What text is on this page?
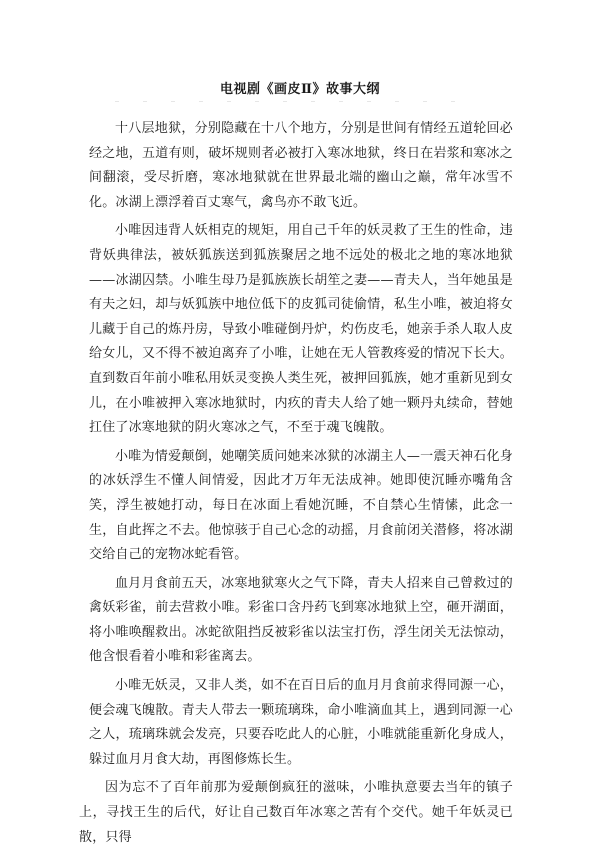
电视剧《画皮Ⅱ》故事大纲

十八层地狱，分别隐藏在十八个地方，分别是世间有情经五道轮回必经之地，五道有则，破坏规则者必被打入寒冰地狱，终日在岩浆和寒冰之间翻滚，受尽折磨，寒冰地狱就在世界最北端的幽山之巅，常年冰雪不化。冰湖上漂浮着百丈寒气，禽鸟亦不敢飞近。

小唯因违背人妖相克的规矩，用自己千年的妖灵救了王生的性命，违背妖典律法，被妖狐族送到狐族聚居之地不远处的极北之地的寒冰地狱——冰湖囚禁。小唯生母乃是狐族族长胡笙之妻——青夫人，当年她虽是有夫之妇，却与妖狐族中地位低下的皮狐司徒偷情，私生小唯，被迫将女儿藏于自己的炼丹房，导致小唯碰倒丹炉，灼伤皮毛，她亲手杀人取人皮给女儿，又不得不被迫离弃了小唯，让她在无人管教疼爱的情况下长大。直到数百年前小唯私用妖灵变换人类生死，被押回狐族，她才重新见到女儿，在小唯被押入寒冰地狱时，内疚的青夫人给了她一颗丹丸续命，替她扛住了冰寒地狱的阴火寒冰之气，不至于魂飞魄散。

小唯为情爱颠倒，她嘲笑质问她来冰狱的冰湖主人—一震天神石化身的冰妖浮生不懂人间情爱，因此才万年无法成神。她即使沉睡亦嘴角含笑，浮生被她打动，每日在冰面上看她沉睡，不自禁心生情愫，此念一生，自此挥之不去。他惊骇于自己心念的动摇，月食前闭关潜修，将冰湖交给自己的宠物冰蛇看管。

血月月食前五天，冰寒地狱寒火之气下降，青夫人招来自己曾救过的禽妖彩雀，前去营救小唯。彩雀口含丹药飞到寒冰地狱上空，砸开湖面，将小唯唤醒救出。冰蛇欲阻挡反被彩雀以法宝打伤，浮生闭关无法惊动，他含恨看着小唯和彩雀离去。

小唯无妖灵，又非人类，如不在百日后的血月月食前求得同源一心，便会魂飞魄散。青夫人带去一颗琉璃珠，命小唯滴血其上，遇到同源一心之人，琉璃珠就会发亮，只要吞吃此人的心脏，小唯就能重新化身成人，躲过血月月食大劫，再图修炼长生。

因为忘不了百年前那为爱颠倒疯狂的滋味，小唯执意要去当年的镇子上，寻找王生的后代，好让自己数百年冰寒之苦有个交代。她千年妖灵已散，只得
